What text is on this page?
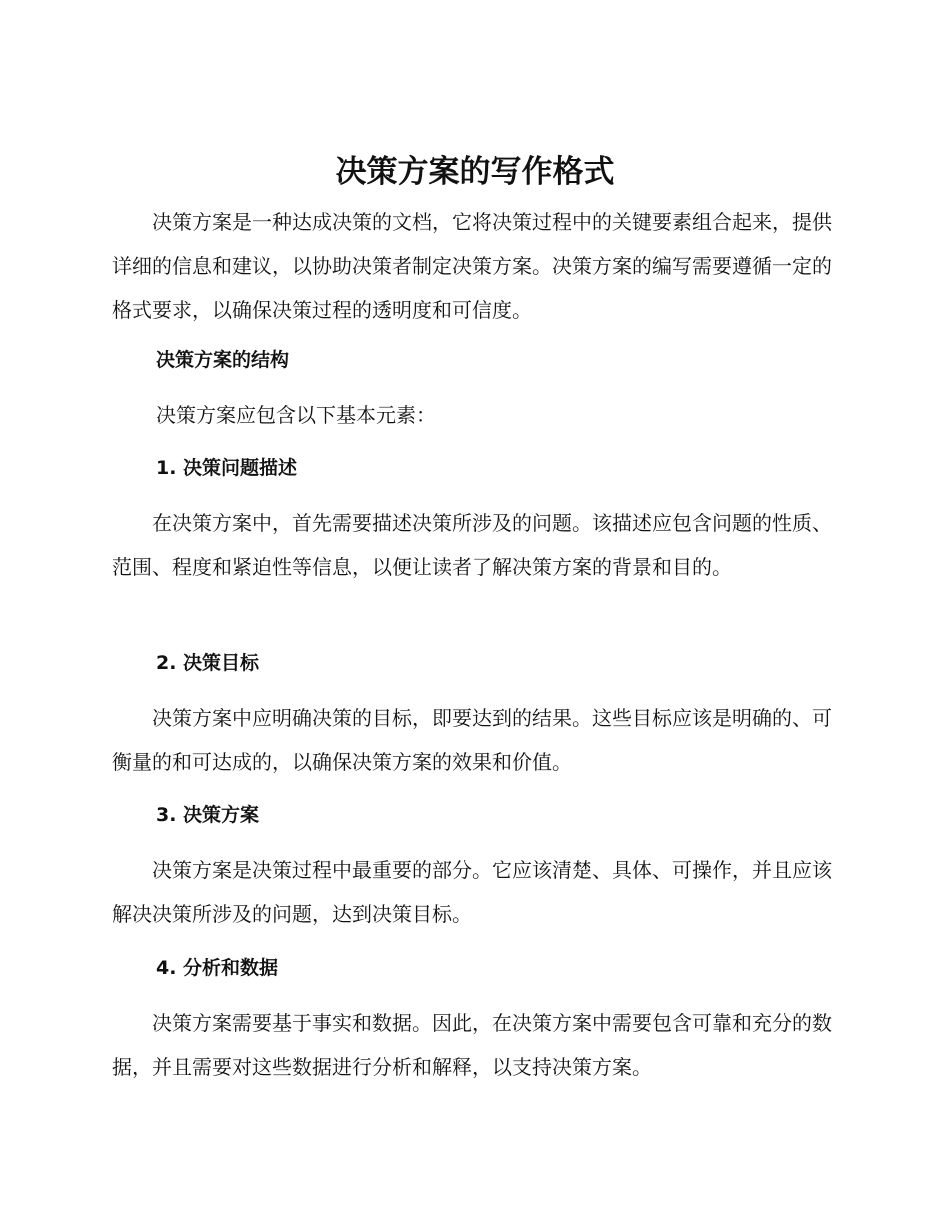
决策方案的写作格式

决策方案是一种达成决策的文档，它将决策过程中的关键要素组合起来，提供详细的信息和建议，以协助决策者制定决策方案。决策方案的编写需要遵循一定的格式要求，以确保决策过程的透明度和可信度。

决策方案的结构

决策方案应包含以下基本元素：

1. 决策问题描述

在决策方案中，首先需要描述决策所涉及的问题。该描述应包含问题的性质、范围、程度和紧迫性等信息，以便让读者了解决策方案的背景和目的。

2. 决策目标

决策方案中应明确决策的目标，即要达到的结果。这些目标应该是明确的、可衡量的和可达成的，以确保决策方案的效果和价值。

3. 决策方案

决策方案是决策过程中最重要的部分。它应该清楚、具体、可操作，并且应该解决决策所涉及的问题，达到决策目标。

4. 分析和数据

决策方案需要基于事实和数据。因此，在决策方案中需要包含可靠和充分的数据，并且需要对这些数据进行分析和解释，以支持决策方案。
